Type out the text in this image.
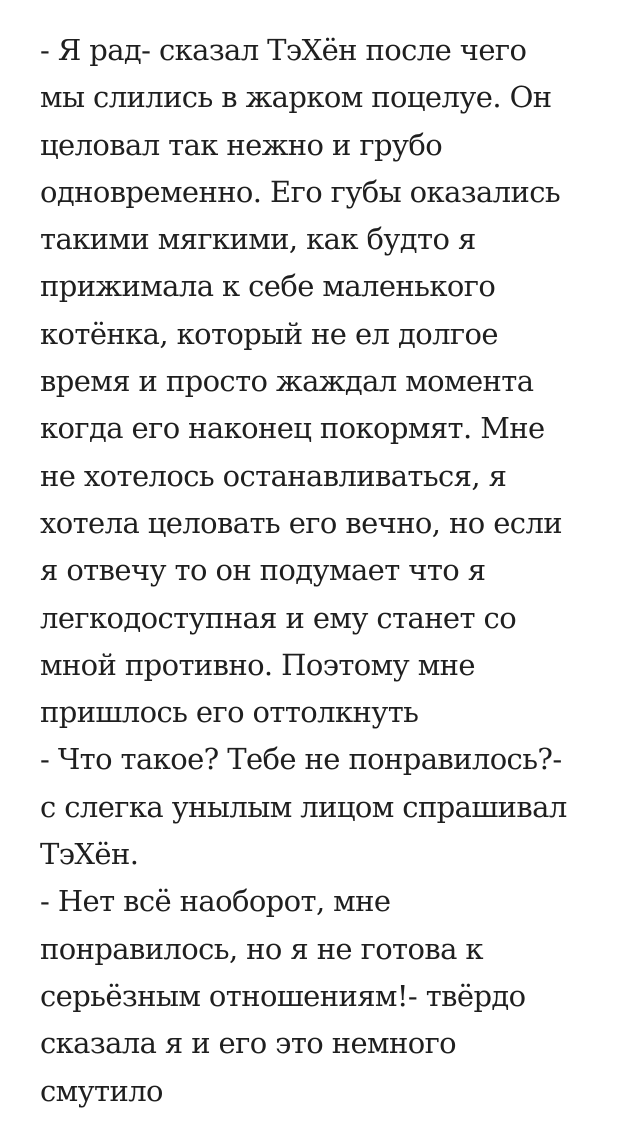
- Я рад- сказал ТэХён после чего
мы слились в жарком поцелуе. Он
целовал так нежно и грубо
одновременно. Его губы оказались
такими мягкими, как будто я
прижимала к себе маленького
котёнка, который не ел долгое
время и просто жаждал момента
когда его наконец покормят. Мне
не хотелось останавливаться, я
хотела целовать его вечно, но если
я отвечу то он подумает что я
легкодоступная и ему станет со
мной противно. Поэтому мне
пришлось его оттолкнуть
- Что такое? Тебе не понравилось?-
с слегка унылым лицом спрашивал
ТэХён.
- Нет всё наоборот, мне
понравилось, но я не готова к
серьёзным отношениям!- твёрдо
сказала я и его это немного
смутило
